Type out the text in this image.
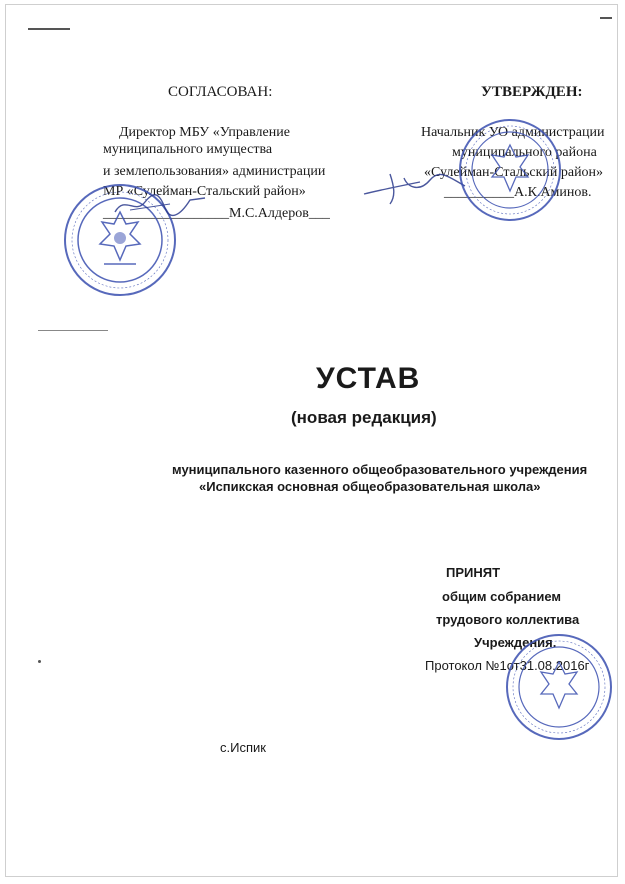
СОГЛАСОВАН:
Директор МБУ «Управление
муниципального имущества
и землепользования» администрации
МР «Сулейман-Стальский район»
__________________М.С.Алдеров___
УТВЕРЖДЕН:
Начальник УО администрации
муниципального района
«Сулейман-Стальский район»
__________А.К.Аминов.
УСТАВ
(новая редакция)
муниципального казенного общеобразовательного учреждения
«Испикская основная общеобразовательная школа»
ПРИНЯТ
общим собранием
трудового коллектива
Учреждения.
Протокол №1от31.08.2016г
с.Испик
